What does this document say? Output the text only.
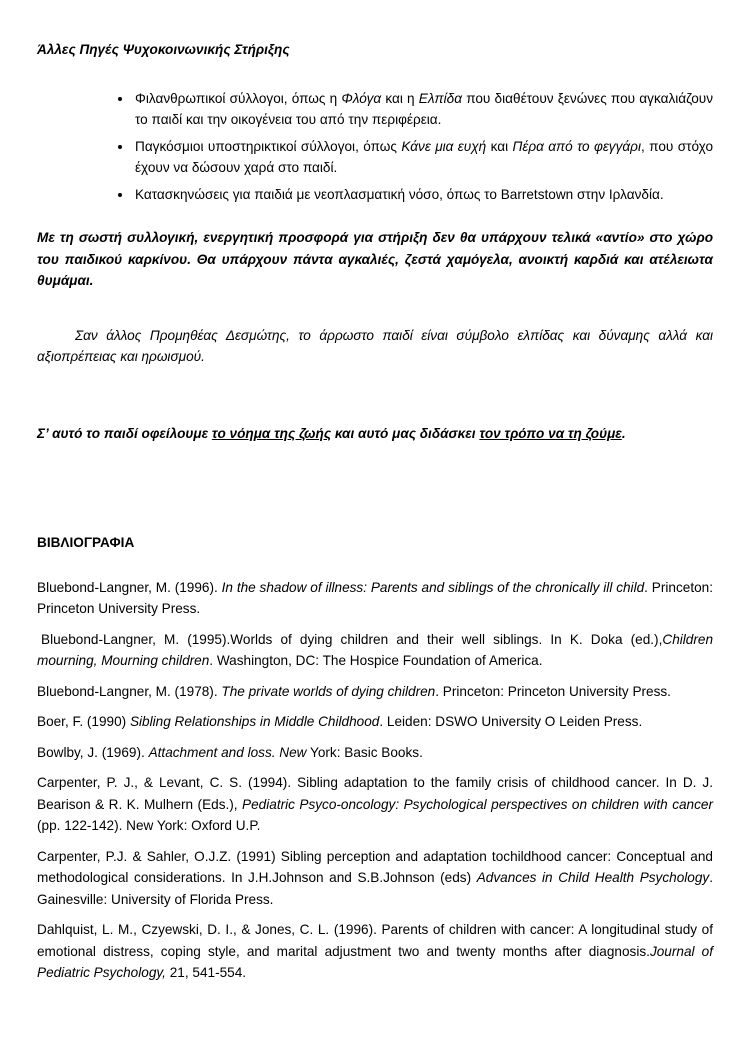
Άλλες Πηγές Ψυχοκοινωνικής Στήριξης
• Φιλανθρωπικοί σύλλογοι, όπως η Φλόγα και η Ελπίδα που διαθέτουν ξενώνες που αγκαλιάζουν το παιδί και την οικογένεια του από την περιφέρεια.
• Παγκόσμιοι υποστηρικτικοί σύλλογοι, όπως Κάνε μια ευχή και Πέρα από το φεγγάρι, που στόχο έχουν να δώσουν χαρά στο παιδί.
• Κατασκηνώσεις για παιδιά με νεοπλασματική νόσο, όπως το Barretstown στην Ιρλανδία.

Με τη σωστή συλλογική, ενεργητική προσφορά για στήριξη δεν θα υπάρχουν τελικά «αντίο» στο χώρο του παιδικού καρκίνου. Θα υπάρχουν πάντα αγκαλιές, ζεστά χαμόγελα, ανοικτή καρδιά και ατέλειωτα θυμάμαι.

Σαν άλλος Προμηθέας Δεσμώτης, το άρρωστο παιδί είναι σύμβολο ελπίδας και δύναμης αλλά και αξιοπρέπειας και ηρωισμού.

Σ’ αυτό το παιδί οφείλουμε το νόημα της ζωής και αυτό μας διδάσκει τον τρόπο να τη ζούμε.

ΒΙΒΛΙΟΓΡΑΦΙΑ

Bluebond-Langner, M. (1996). In the shadow of illness: Parents and siblings of the chronically ill child. Princeton: Princeton University Press.

Bluebond-Langner, M. (1995).Worlds of dying children and their well siblings. In K. Doka (ed.),Children mourning, Mourning children. Washington, DC: The Hospice Foundation of America.

Bluebond-Langner, M. (1978). The private worlds of dying children. Princeton: Princeton University Press.

Boer, F. (1990) Sibling Relationships in Middle Childhood. Leiden: DSWO University O Leiden Press.

Bowlby, J. (1969). Attachment and loss. New York: Basic Books.

Carpenter, P. J., & Levant, C. S. (1994). Sibling adaptation to the family crisis of childhood cancer. In D. J. Bearison & R. K. Mulhern (Eds.), Pediatric Psyco-oncology: Psychological perspectives on children with cancer (pp. 122-142). New York: Oxford U.P.

Carpenter, P.J. & Sahler, O.J.Z. (1991) Sibling perception and adaptation tochildhood cancer: Conceptual and methodological considerations. In J.H.Johnson and S.B.Johnson (eds) Advances in Child Health Psychology. Gainesville: University of Florida Press.

Dahlquist, L. M., Czyewski, D. I., & Jones, C. L. (1996). Parents of children with cancer: A longitudinal study of emotional distress, coping style, and marital adjustment two and twenty months after diagnosis.Journal of Pediatric Psychology, 21, 541-554.
